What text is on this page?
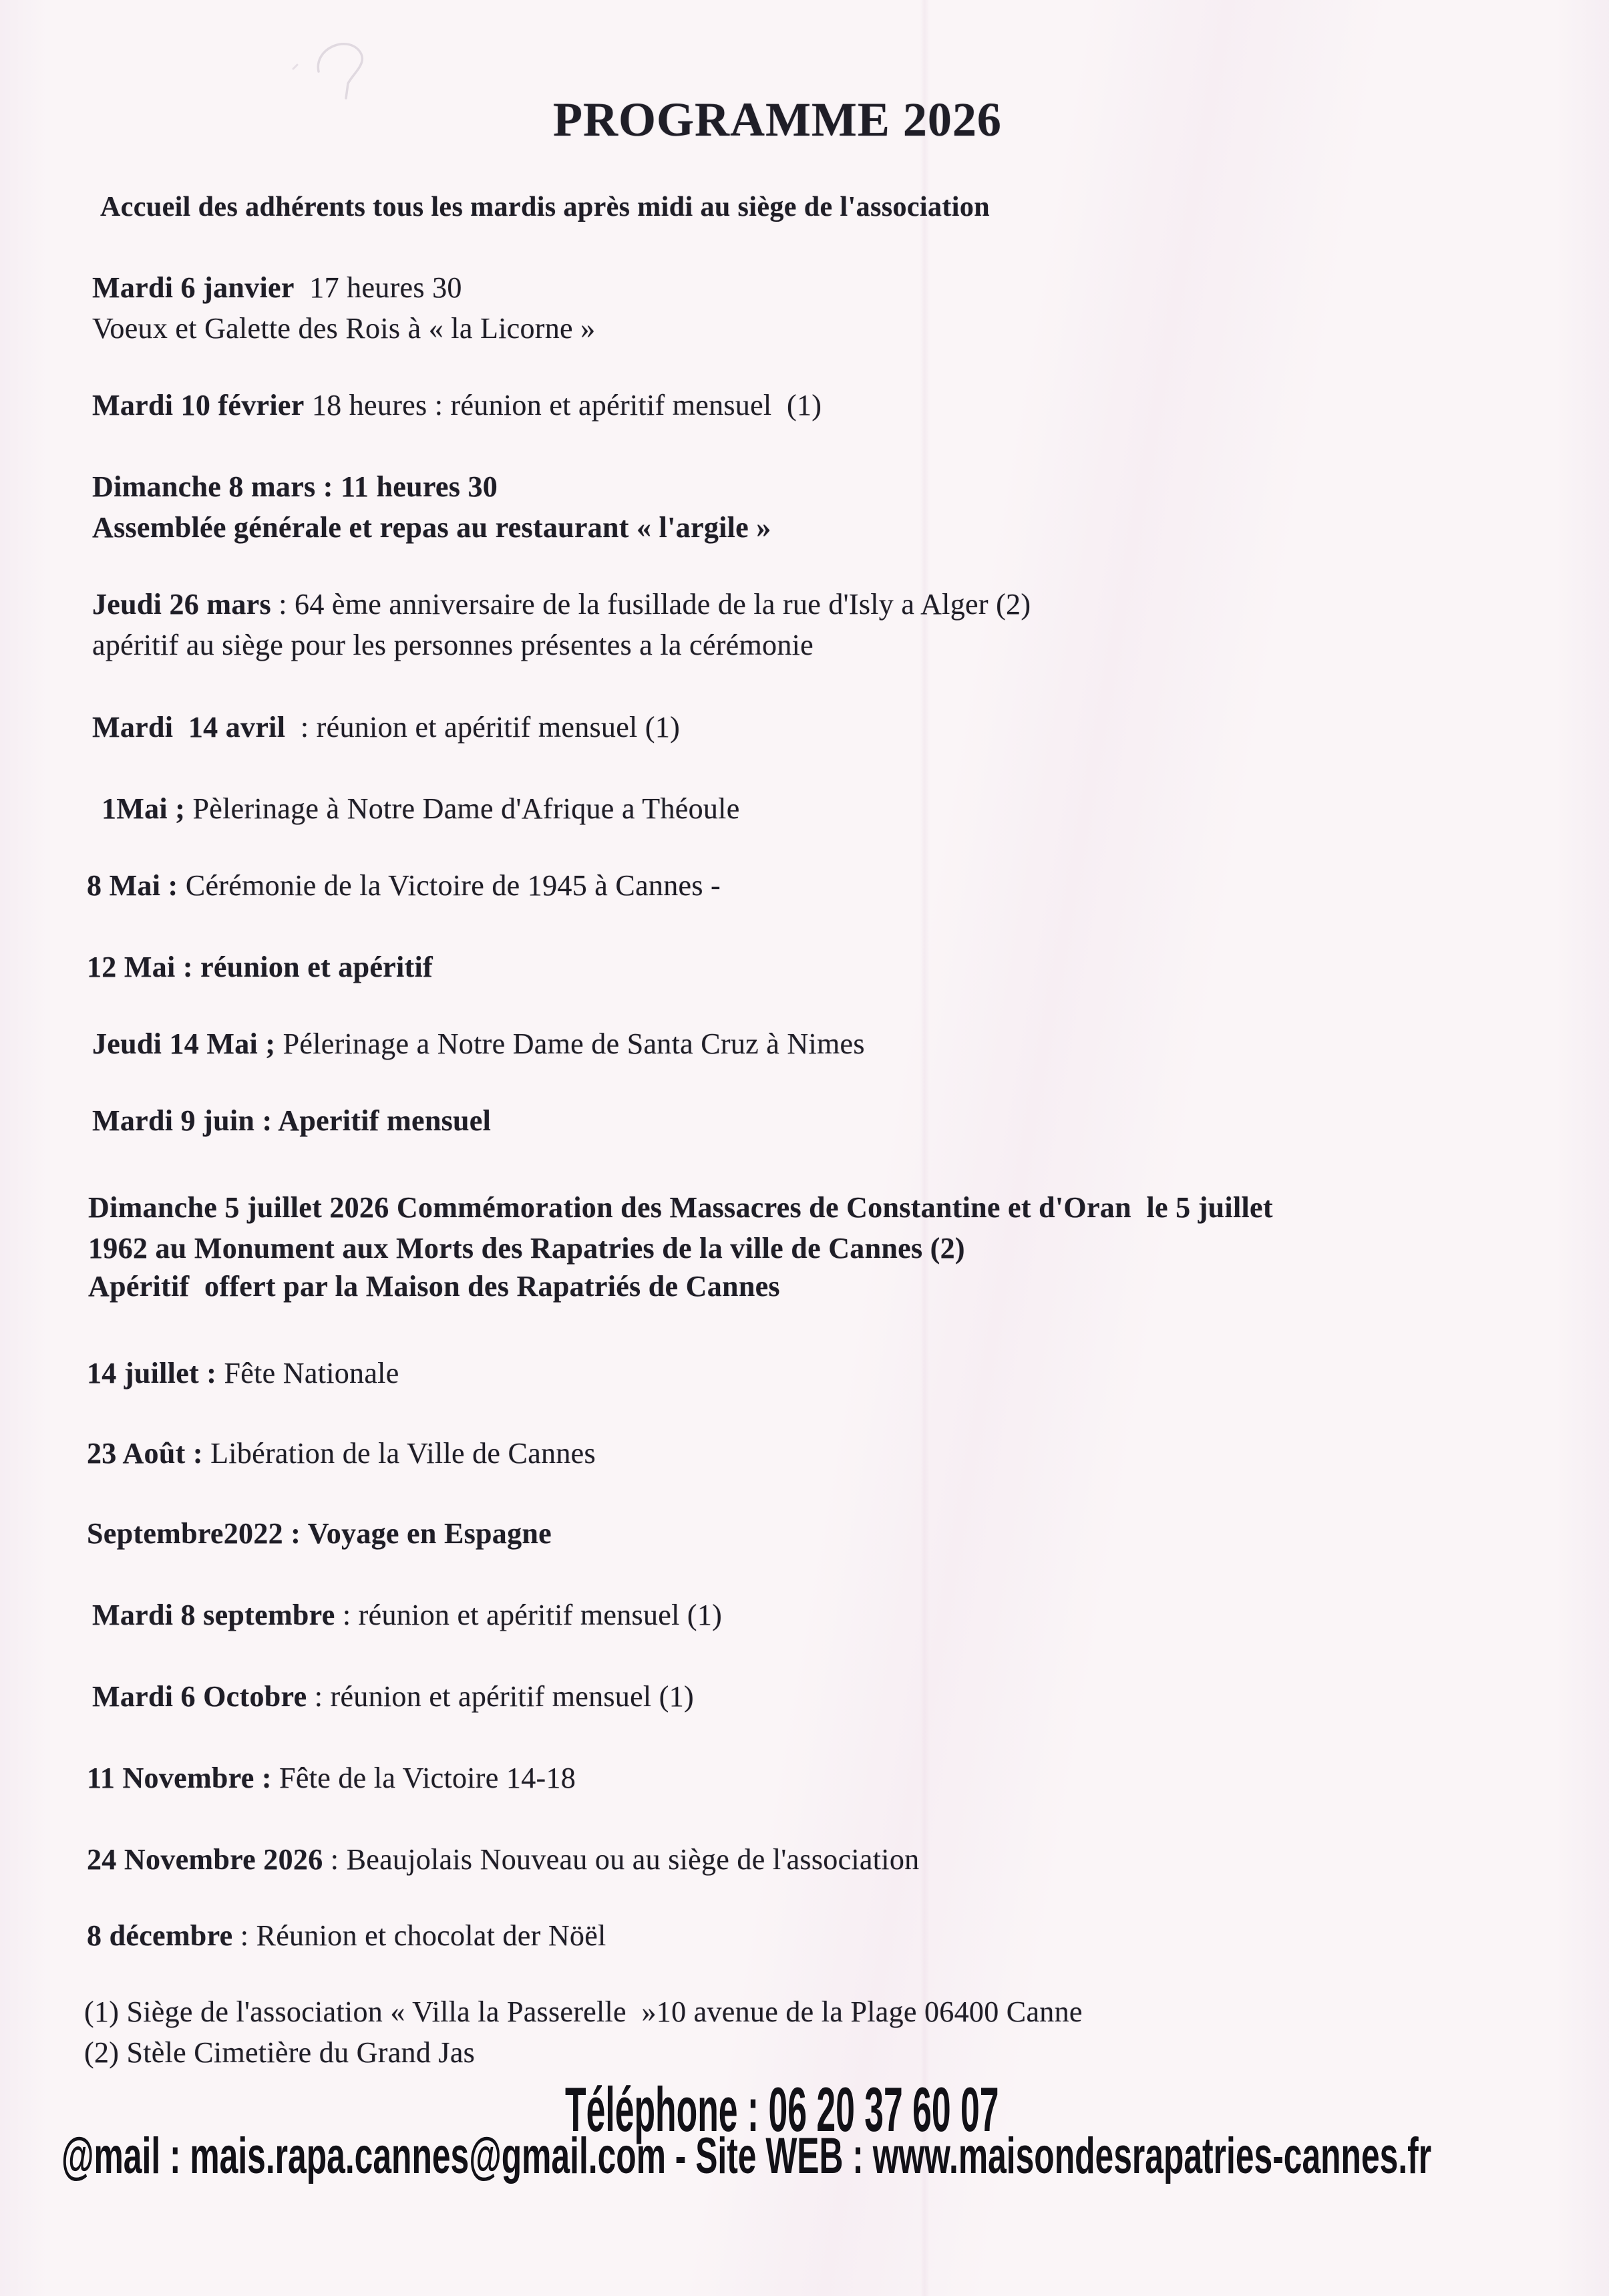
PROGRAMME 2026
Accueil des adhérents tous les mardis après midi au siège de l'association
Mardi 6 janvier  17 heures 30
Voeux et Galette des Rois à « la Licorne »
Mardi 10 février 18 heures : réunion et apéritif mensuel  (1)
Dimanche 8 mars : 11 heures 30
Assemblée générale et repas au restaurant « l'argile »
Jeudi 26 mars : 64 ème anniversaire de la fusillade de la rue d'Isly a Alger (2)
apéritif au siège pour les personnes présentes a la cérémonie
Mardi  14 avril  : réunion et apéritif mensuel (1)
1Mai ; Pèlerinage à Notre Dame d'Afrique a Théoule
8 Mai : Cérémonie de la Victoire de 1945 à Cannes -
12 Mai : réunion et apéritif
Jeudi 14 Mai ; Pélerinage a Notre Dame de Santa Cruz à Nimes
Mardi 9 juin : Aperitif mensuel
Dimanche 5 juillet 2026 Commémoration des Massacres de Constantine et d'Oran  le 5 juillet
1962 au Monument aux Morts des Rapatries de la ville de Cannes (2)
Apéritif  offert par la Maison des Rapatriés de Cannes
14 juillet : Fête Nationale
23 Août : Libération de la Ville de Cannes
Septembre2022 : Voyage en Espagne
Mardi 8 septembre : réunion et apéritif mensuel (1)
Mardi 6 Octobre : réunion et apéritif mensuel (1)
11 Novembre : Fête de la Victoire 14-18
24 Novembre 2026 : Beaujolais Nouveau ou au siège de l'association
8 décembre : Réunion et chocolat der Nöël
(1) Siège de l'association « Villa la Passerelle  »10 avenue de la Plage 06400 Canne
(2) Stèle Cimetière du Grand Jas
Téléphone : 06 20 37 60 07
@mail : mais.rapa.cannes@gmail.com - Site WEB : www.maisondesrapatries-cannes.fr
